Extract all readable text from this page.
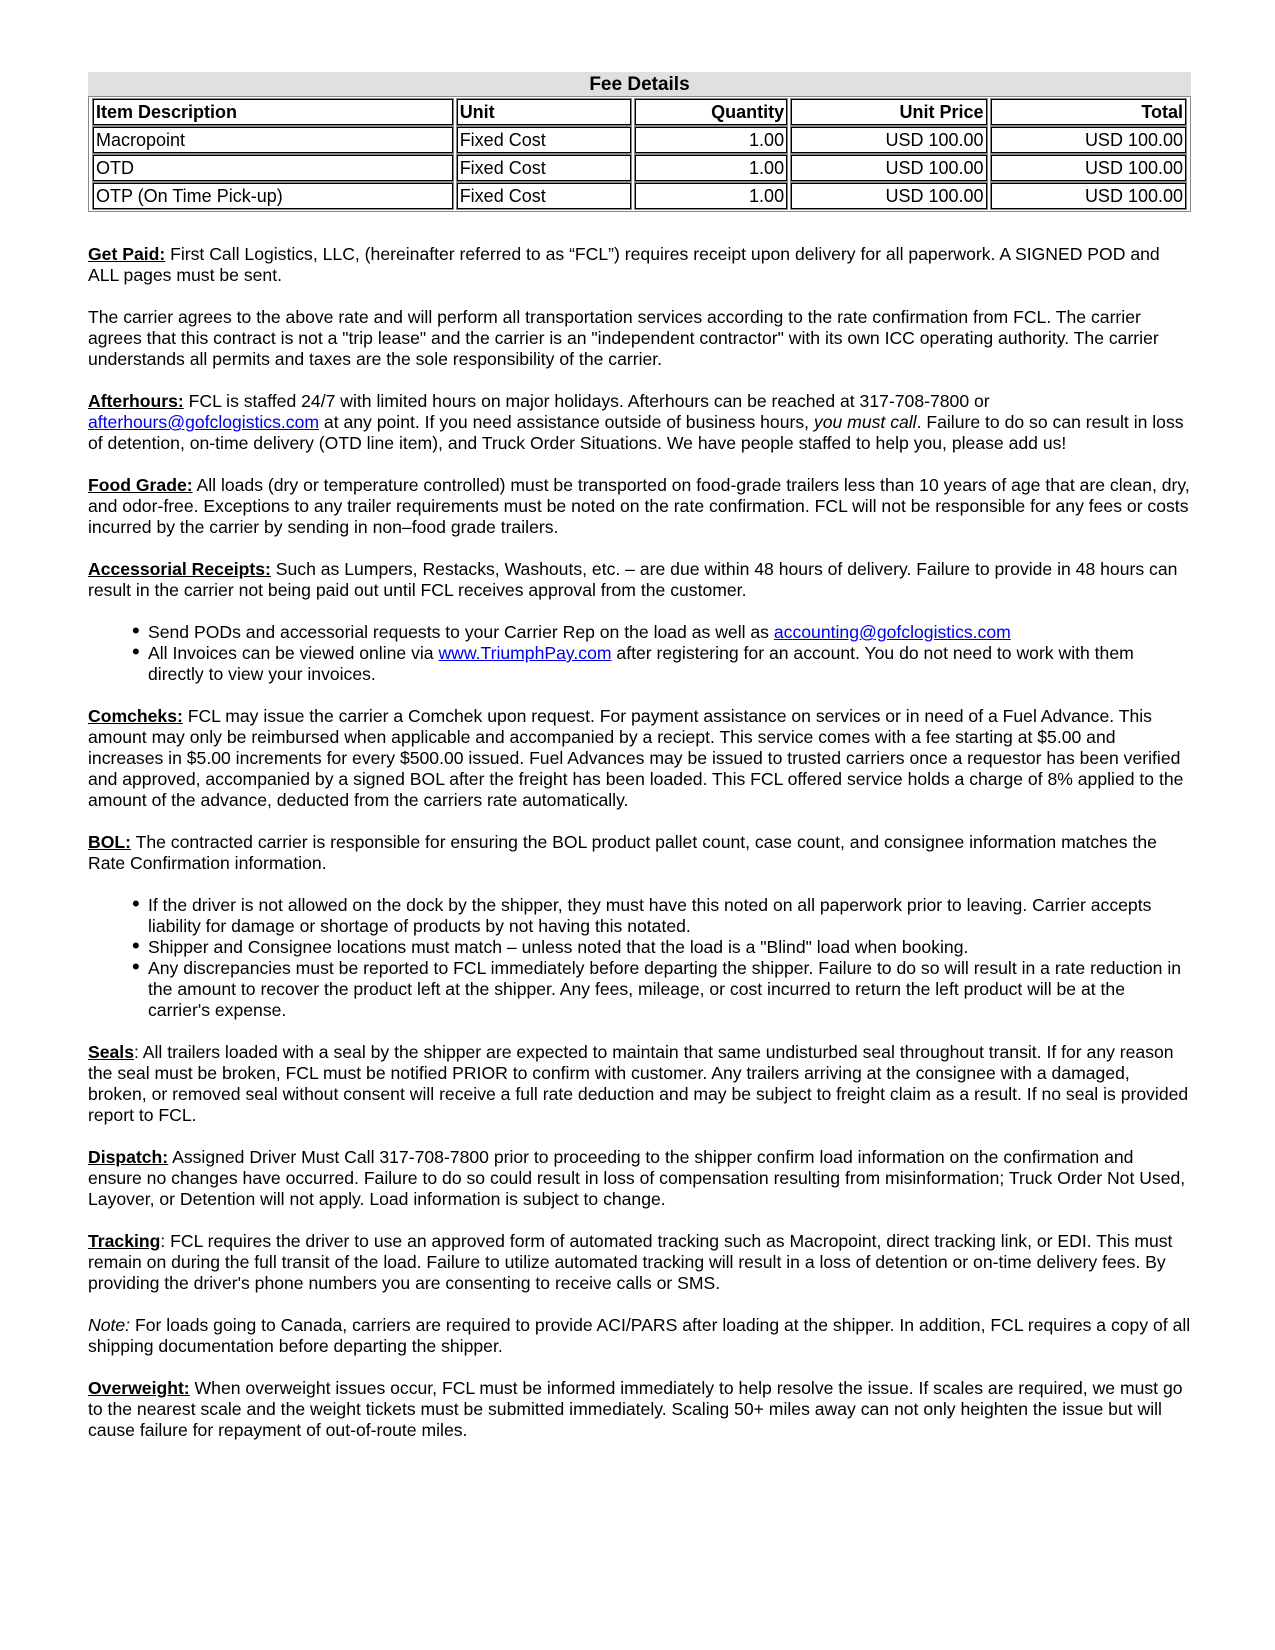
Fee Details
Item Description	Unit	Quantity	Unit Price	Total
Macropoint	Fixed Cost	1.00	USD 100.00	USD 100.00
OTD	Fixed Cost	1.00	USD 100.00	USD 100.00
OTP (On Time Pick-up)	Fixed Cost	1.00	USD 100.00	USD 100.00

Get Paid: First Call Logistics, LLC, (hereinafter referred to as “FCL”) requires receipt upon delivery for all paperwork. A SIGNED POD and ALL pages must be sent.

The carrier agrees to the above rate and will perform all transportation services according to the rate confirmation from FCL. The carrier agrees that this contract is not a "trip lease" and the carrier is an "independent contractor" with its own ICC operating authority. The carrier understands all permits and taxes are the sole responsibility of the carrier.

Afterhours: FCL is staffed 24/7 with limited hours on major holidays. Afterhours can be reached at 317-708-7800 or afterhours@gofclogistics.com at any point. If you need assistance outside of business hours, you must call. Failure to do so can result in loss of detention, on-time delivery (OTD line item), and Truck Order Situations. We have people staffed to help you, please add us!

Food Grade: All loads (dry or temperature controlled) must be transported on food-grade trailers less than 10 years of age that are clean, dry, and odor-free. Exceptions to any trailer requirements must be noted on the rate confirmation. FCL will not be responsible for any fees or costs incurred by the carrier by sending in non–food grade trailers.

Accessorial Receipts: Such as Lumpers, Restacks, Washouts, etc. – are due within 48 hours of delivery. Failure to provide in 48 hours can result in the carrier not being paid out until FCL receives approval from the customer.

• Send PODs and accessorial requests to your Carrier Rep on the load as well as accounting@gofclogistics.com
• All Invoices can be viewed online via www.TriumphPay.com after registering for an account. You do not need to work with them directly to view your invoices.

Comcheks: FCL may issue the carrier a Comchek upon request. For payment assistance on services or in need of a Fuel Advance. This amount may only be reimbursed when applicable and accompanied by a reciept. This service comes with a fee starting at $5.00 and increases in $5.00 increments for every $500.00 issued. Fuel Advances may be issued to trusted carriers once a requestor has been verified and approved, accompanied by a signed BOL after the freight has been loaded. This FCL offered service holds a charge of 8% applied to the amount of the advance, deducted from the carriers rate automatically.

BOL: The contracted carrier is responsible for ensuring the BOL product pallet count, case count, and consignee information matches the Rate Confirmation information.

• If the driver is not allowed on the dock by the shipper, they must have this noted on all paperwork prior to leaving. Carrier accepts liability for damage or shortage of products by not having this notated.
• Shipper and Consignee locations must match – unless noted that the load is a "Blind" load when booking.
• Any discrepancies must be reported to FCL immediately before departing the shipper. Failure to do so will result in a rate reduction in the amount to recover the product left at the shipper. Any fees, mileage, or cost incurred to return the left product will be at the carrier's expense.

Seals: All trailers loaded with a seal by the shipper are expected to maintain that same undisturbed seal throughout transit. If for any reason the seal must be broken, FCL must be notified PRIOR to confirm with customer. Any trailers arriving at the consignee with a damaged, broken, or removed seal without consent will receive a full rate deduction and may be subject to freight claim as a result. If no seal is provided report to FCL.

Dispatch: Assigned Driver Must Call 317-708-7800 prior to proceeding to the shipper confirm load information on the confirmation and ensure no changes have occurred. Failure to do so could result in loss of compensation resulting from misinformation; Truck Order Not Used, Layover, or Detention will not apply. Load information is subject to change.

Tracking: FCL requires the driver to use an approved form of automated tracking such as Macropoint, direct tracking link, or EDI. This must remain on during the full transit of the load. Failure to utilize automated tracking will result in a loss of detention or on-time delivery fees. By providing the driver's phone numbers you are consenting to receive calls or SMS.

Note: For loads going to Canada, carriers are required to provide ACI/PARS after loading at the shipper. In addition, FCL requires a copy of all shipping documentation before departing the shipper.

Overweight: When overweight issues occur, FCL must be informed immediately to help resolve the issue. If scales are required, we must go to the nearest scale and the weight tickets must be submitted immediately. Scaling 50+ miles away can not only heighten the issue but will cause failure for repayment of out-of-route miles.
